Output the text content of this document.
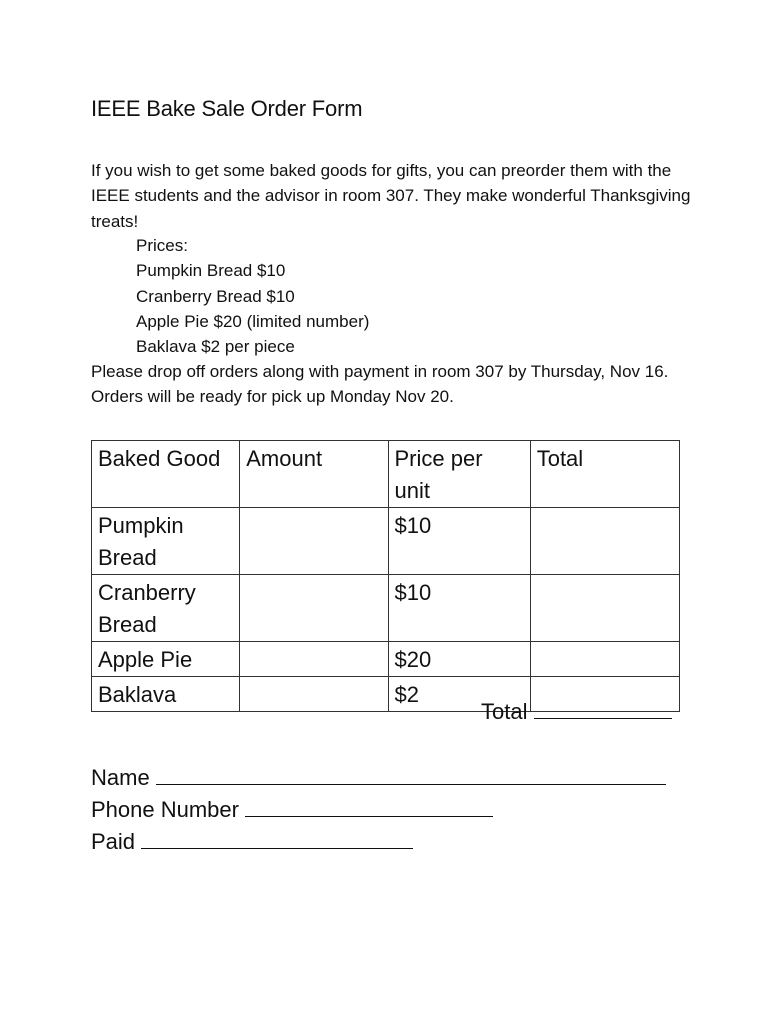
IEEE Bake Sale Order Form

If you wish to get some baked goods for gifts, you can preorder them with the IEEE students and the advisor in room 307. They make wonderful Thanksgiving treats!

Prices:
Pumpkin Bread $10
Cranberry Bread $10
Apple Pie $20 (limited number)
Baklava $2 per piece

Please drop off orders along with payment in room 307 by Thursday, Nov 16. Orders will be ready for pick up Monday Nov 20.

Baked Good	Amount	Price per unit	Total
Pumpkin Bread		$10	
Cranberry Bread		$10	
Apple Pie		$20	
Baklava		$2	
Total
Name
Phone Number
Paid
